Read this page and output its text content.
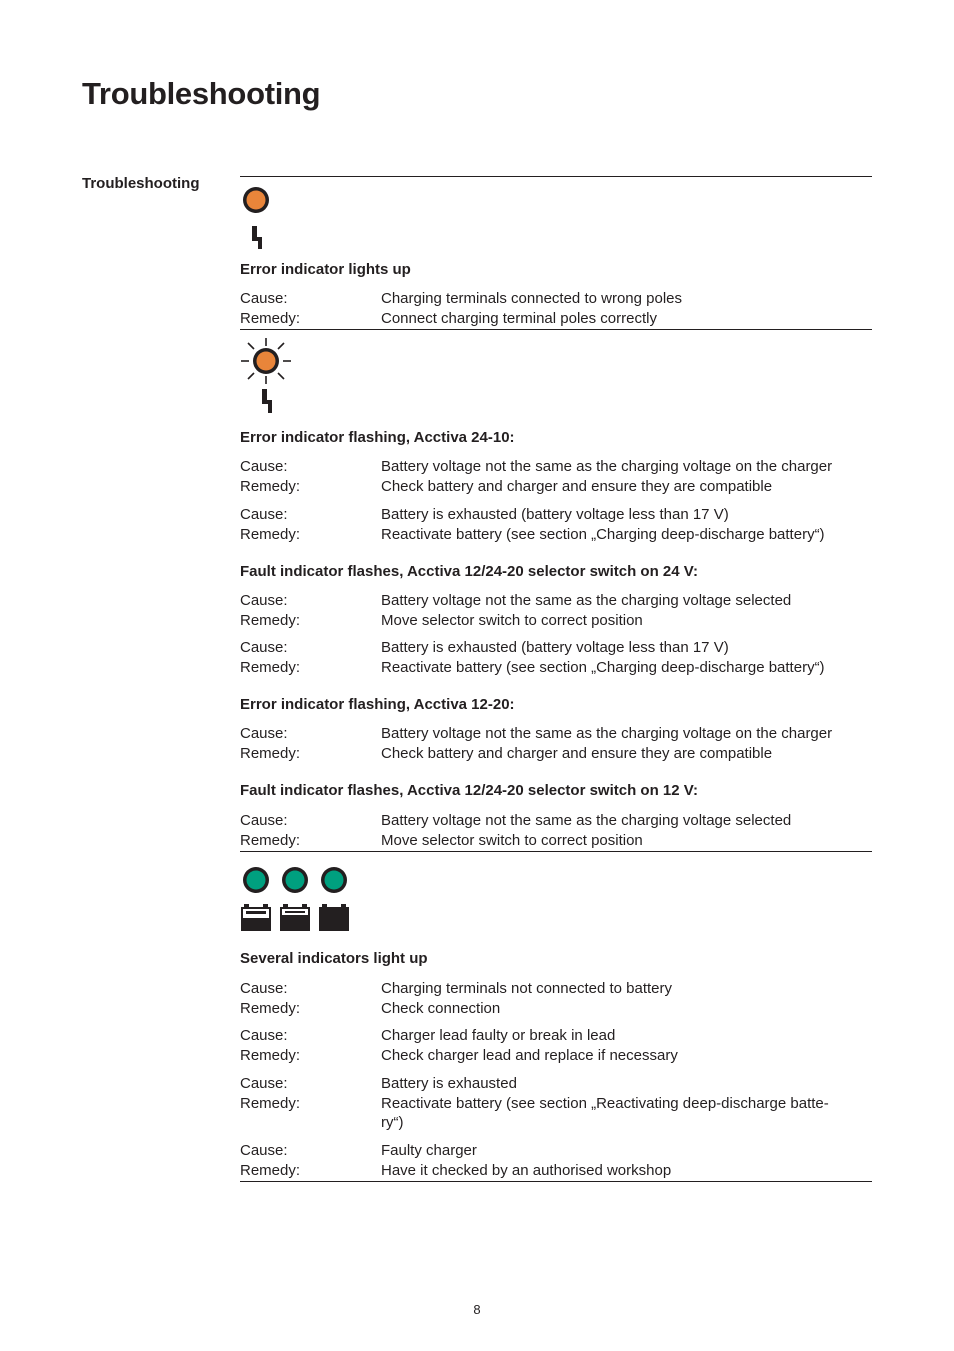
Troubleshooting
Troubleshooting
Error indicator lights up
Cause:	Charging terminals connected to wrong poles
Remedy:	Connect charging terminal poles correctly
Error indicator flashing, Acctiva 24-10:
Cause:	Battery voltage not the same as the charging voltage on the charger
Remedy:	Check battery and charger and ensure they are compatible
Cause:	Battery is exhausted (battery voltage less than 17 V)
Remedy:	Reactivate battery (see section „Charging deep-discharge battery“)
Fault indicator flashes, Acctiva 12/24-20 selector switch on 24 V:
Cause:	Battery voltage not the same as the charging voltage selected
Remedy:	Move selector switch to correct position
Cause:	Battery is exhausted (battery voltage less than 17 V)
Remedy:	Reactivate battery (see section „Charging deep-discharge battery“)
Error indicator flashing, Acctiva 12-20:
Cause:	Battery voltage not the same as the charging voltage on the charger
Remedy:	Check battery and charger and ensure they are compatible
Fault indicator flashes, Acctiva 12/24-20 selector switch on 12 V:
Cause:	Battery voltage not the same as the charging voltage selected
Remedy:	Move selector switch to correct position
Several indicators light up
Cause:	Charging terminals not connected to battery
Remedy:	Check connection
Cause:	Charger lead faulty or break in lead
Remedy:	Check charger lead and replace if necessary
Cause:	Battery is exhausted
Remedy:	Reactivate battery (see section „Reactivating deep-discharge batte-
ry“)
Cause:	Faulty charger
Remedy:	Have it checked by an authorised workshop
8
